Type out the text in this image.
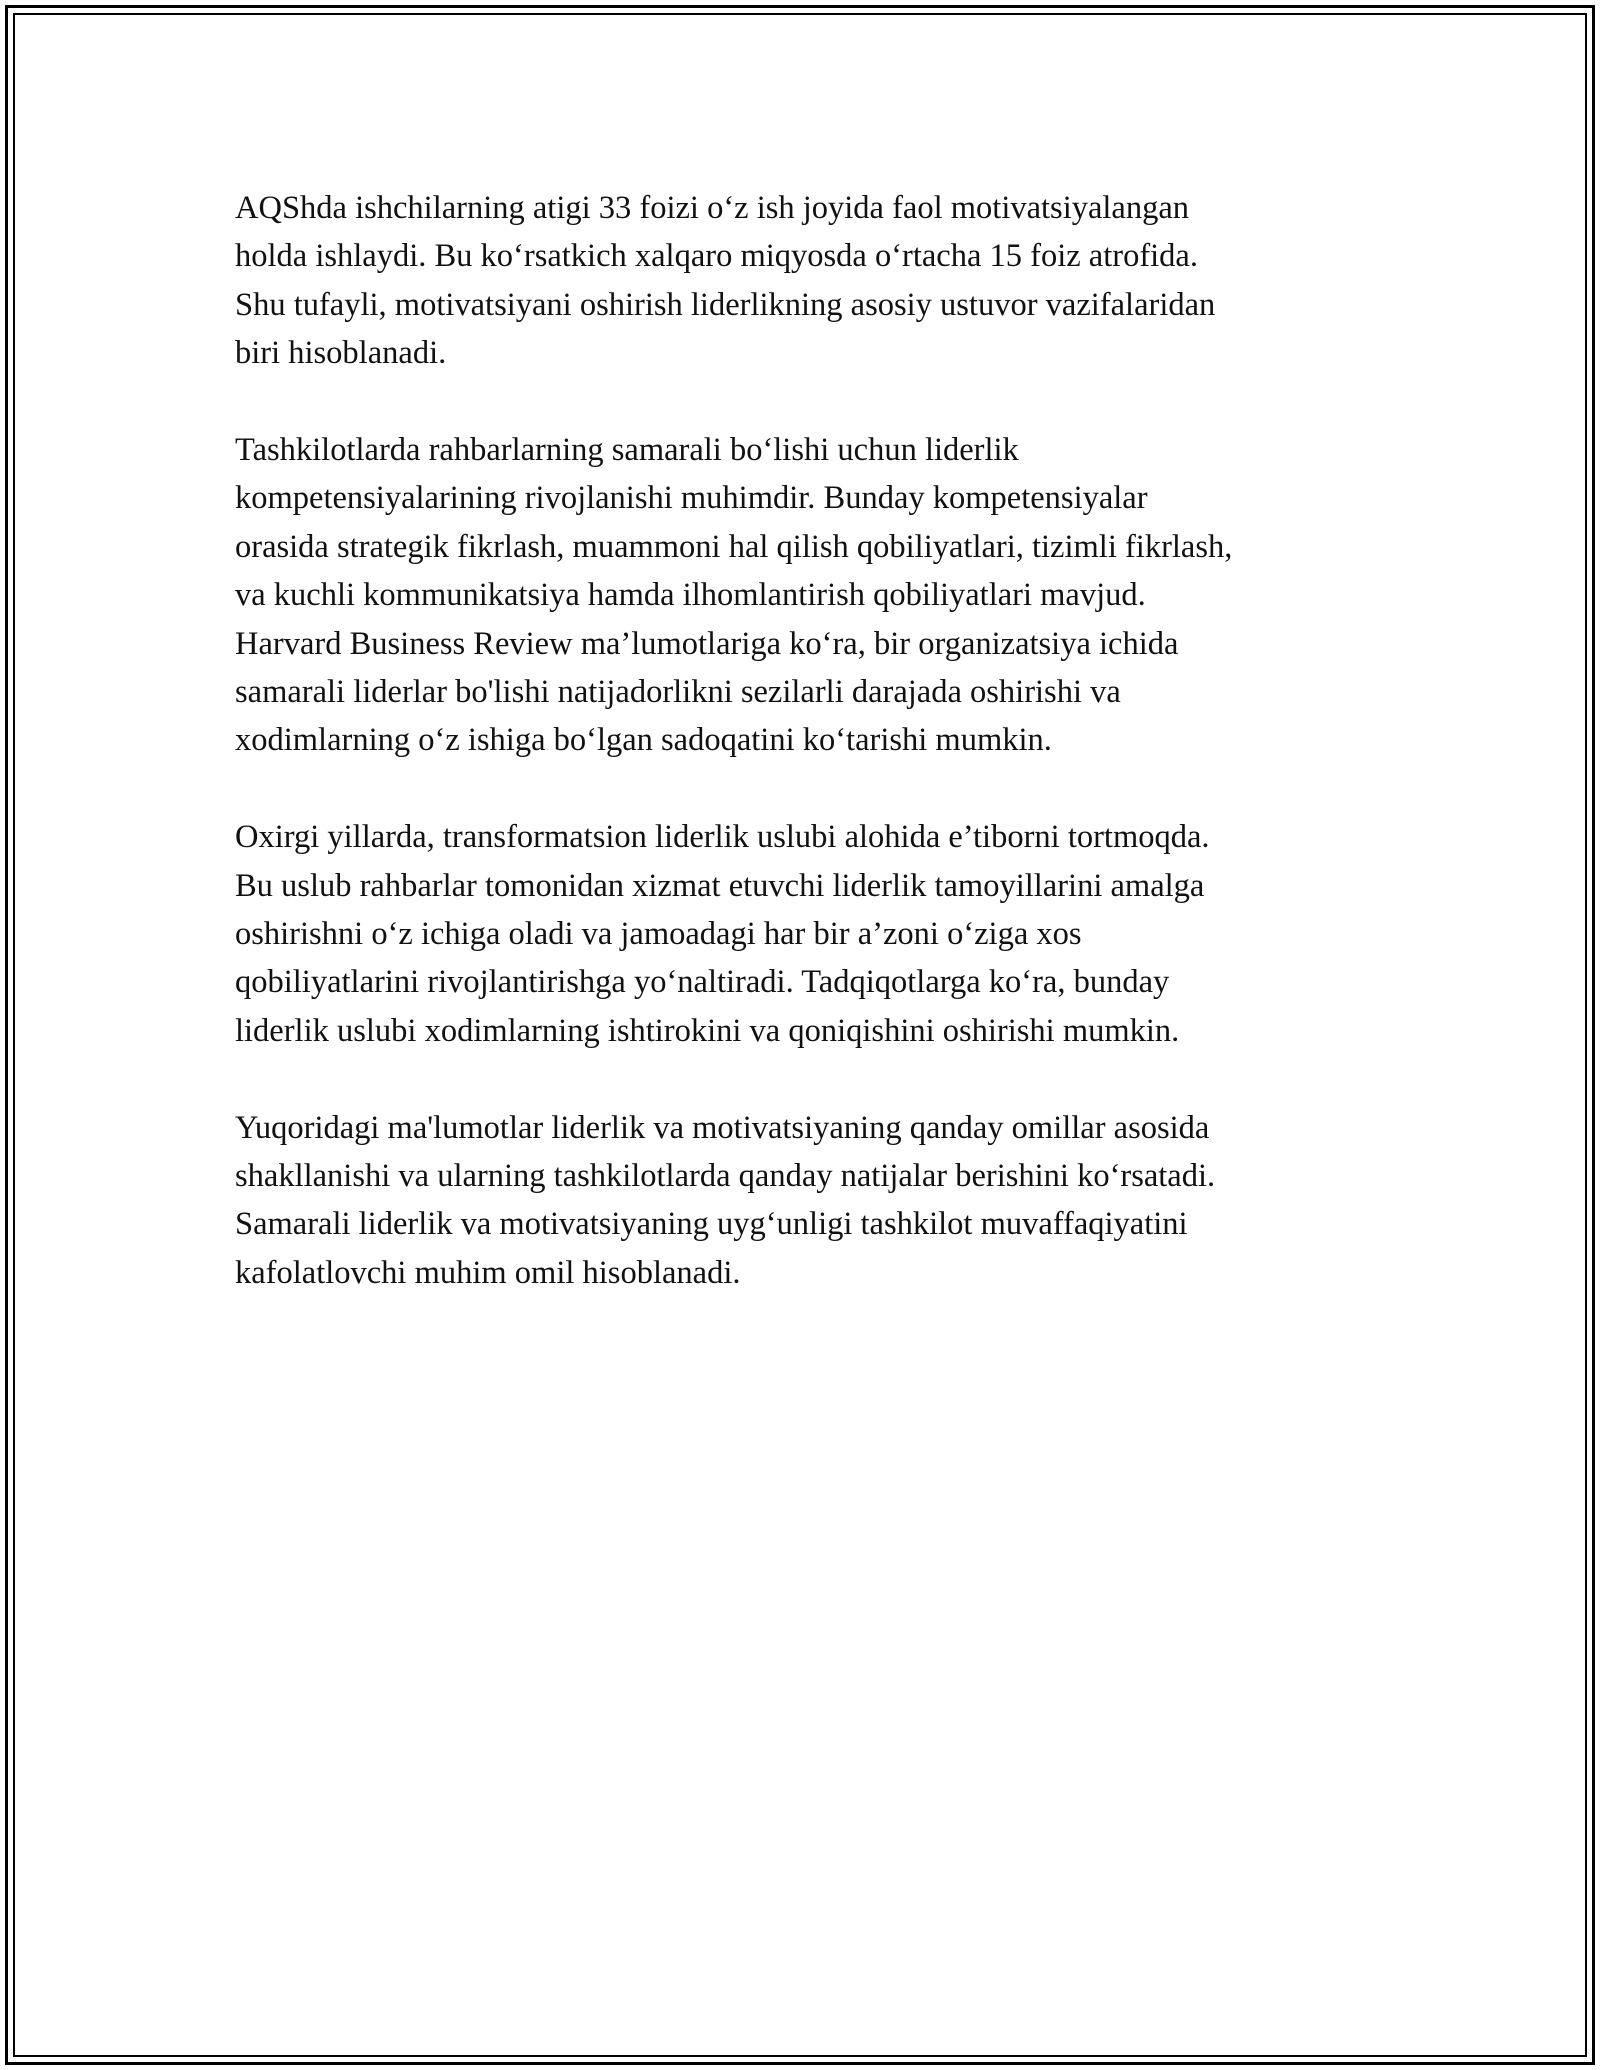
AQShda ishchilarning atigi 33 foizi o‘z ish joyida faol motivatsiyalangan
holda ishlaydi. Bu ko‘rsatkich xalqaro miqyosda o‘rtacha 15 foiz atrofida.
Shu tufayli, motivatsiyani oshirish liderlikning asosiy ustuvor vazifalaridan
biri hisoblanadi.

Tashkilotlarda rahbarlarning samarali bo‘lishi uchun liderlik
kompetensiyalarining rivojlanishi muhimdir. Bunday kompetensiyalar
orasida strategik fikrlash, muammoni hal qilish qobiliyatlari, tizimli fikrlash,
va kuchli kommunikatsiya hamda ilhomlantirish qobiliyatlari mavjud.
Harvard Business Review ma’lumotlariga ko‘ra, bir organizatsiya ichida
samarali liderlar bo'lishi natijadorlikni sezilarli darajada oshirishi va
xodimlarning o‘z ishiga bo‘lgan sadoqatini ko‘tarishi mumkin.

Oxirgi yillarda, transformatsion liderlik uslubi alohida e’tiborni tortmoqda.
Bu uslub rahbarlar tomonidan xizmat etuvchi liderlik tamoyillarini amalga
oshirishni o‘z ichiga oladi va jamoadagi har bir a’zoni o‘ziga xos
qobiliyatlarini rivojlantirishga yo‘naltiradi. Tadqiqotlarga ko‘ra, bunday
liderlik uslubi xodimlarning ishtirokini va qoniqishini oshirishi mumkin.

Yuqoridagi ma'lumotlar liderlik va motivatsiyaning qanday omillar asosida
shakllanishi va ularning tashkilotlarda qanday natijalar berishini ko‘rsatadi.
Samarali liderlik va motivatsiyaning uyg‘unligi tashkilot muvaffaqiyatini
kafolatlovchi muhim omil hisoblanadi.
